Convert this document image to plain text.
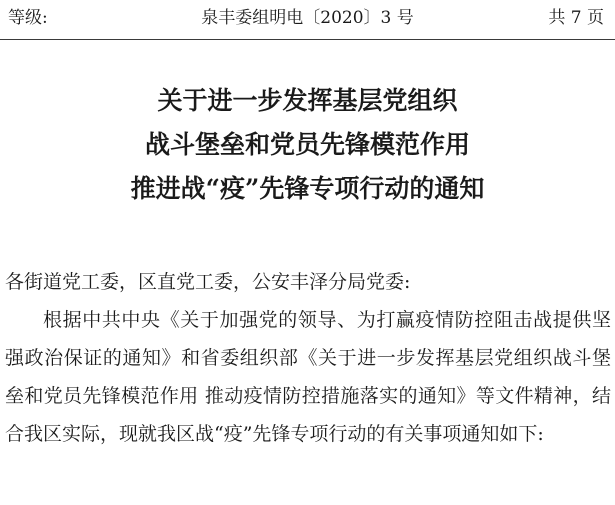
等级:	泉丰委组明电〔2020〕3 号	共 7 页
关于进一步发挥基层党组织
战斗堡垒和党员先锋模范作用
推进战“疫”先锋专项行动的通知
各街道党工委，区直党工委，公安丰泽分局党委:

根据中共中央《关于加强党的领导、为打赢疫情防控阻击战提供坚强政治保证的通知》和省委组织部《关于进一步发挥基层党组织战斗堡垒和党员先锋模范作用 推动疫情防控措施落实的通知》等文件精神，结合我区实际，现就我区战“疫”先锋专项行动的有关事项通知如下:
